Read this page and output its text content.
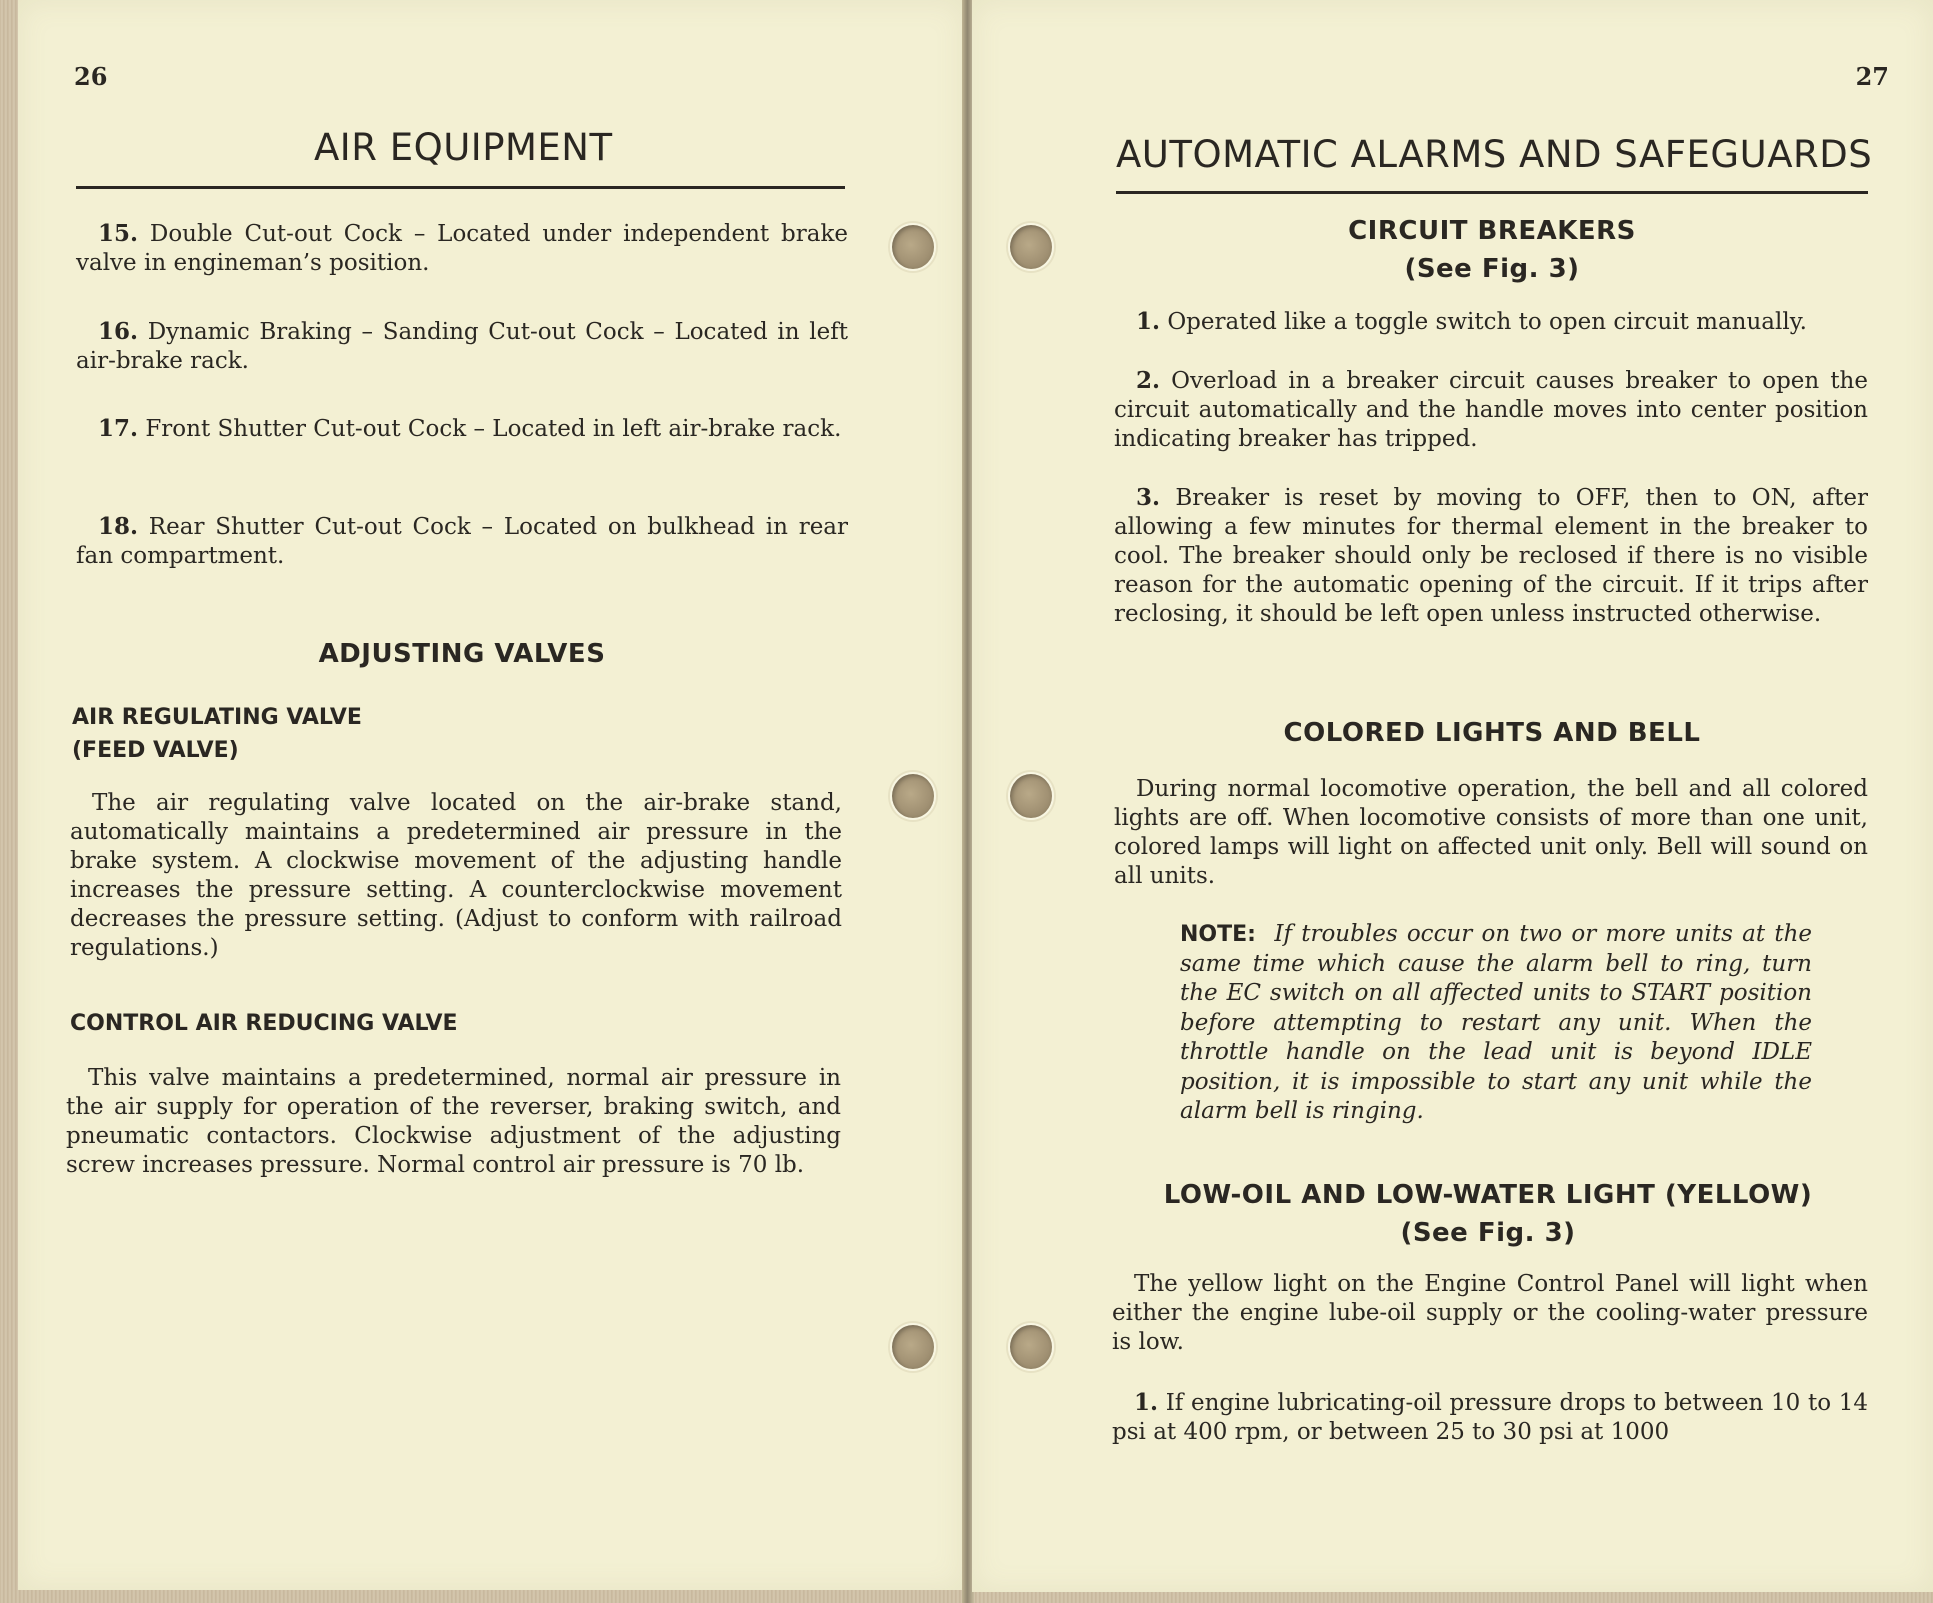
26
AIR EQUIPMENT

15. Double Cut-out Cock – Located under independent brake valve in engineman’s position.

16. Dynamic Braking – Sanding Cut-out Cock – Located in left air-brake rack.

17. Front Shutter Cut-out Cock – Located in left air-brake rack.

18. Rear Shutter Cut-out Cock – Located on bulkhead in rear fan compartment.

ADJUSTING VALVES
AIR REGULATING VALVE
(FEED VALVE)

The air regulating valve located on the air-brake stand, automatically maintains a predetermined air pressure in the brake system. A clockwise movement of the adjusting handle increases the pressure setting. A counterclockwise movement decreases the pressure setting. (Adjust to conform with railroad regulations.)

CONTROL AIR REDUCING VALVE

This valve maintains a predetermined, normal air pressure in the air supply for operation of the reverser, braking switch, and pneumatic contactors. Clockwise adjustment of the adjusting screw increases pressure. Normal control air pressure is 70 lb.

27
AUTOMATIC ALARMS AND SAFEGUARDS
CIRCUIT BREAKERS
(See Fig. 3)

1. Operated like a toggle switch to open circuit manually.

2. Overload in a breaker circuit causes breaker to open the circuit automatically and the handle moves into center position indicating breaker has tripped.

3. Breaker is reset by moving to OFF, then to ON, after allowing a few minutes for thermal element in the breaker to cool. The breaker should only be reclosed if there is no visible reason for the automatic opening of the circuit. If it trips after reclosing, it should be left open unless instructed otherwise.

COLORED LIGHTS AND BELL

During normal locomotive operation, the bell and all colored lights are off. When locomotive consists of more than one unit, colored lamps will light on affected unit only. Bell will sound on all units.

NOTE: If troubles occur on two or more units at the same time which cause the alarm bell to ring, turn the EC switch on all affected units to START position before attempting to restart any unit. When the throttle handle on the lead unit is beyond IDLE position, it is impossible to start any unit while the alarm bell is ringing.
LOW-OIL AND LOW-WATER LIGHT (YELLOW)
(See Fig. 3)

The yellow light on the Engine Control Panel will light when either the engine lube-oil supply or the cooling-water pressure is low.

1. If engine lubricating-oil pressure drops to between 10 to 14 psi at 400 rpm, or between 25 to 30 psi at 1000
